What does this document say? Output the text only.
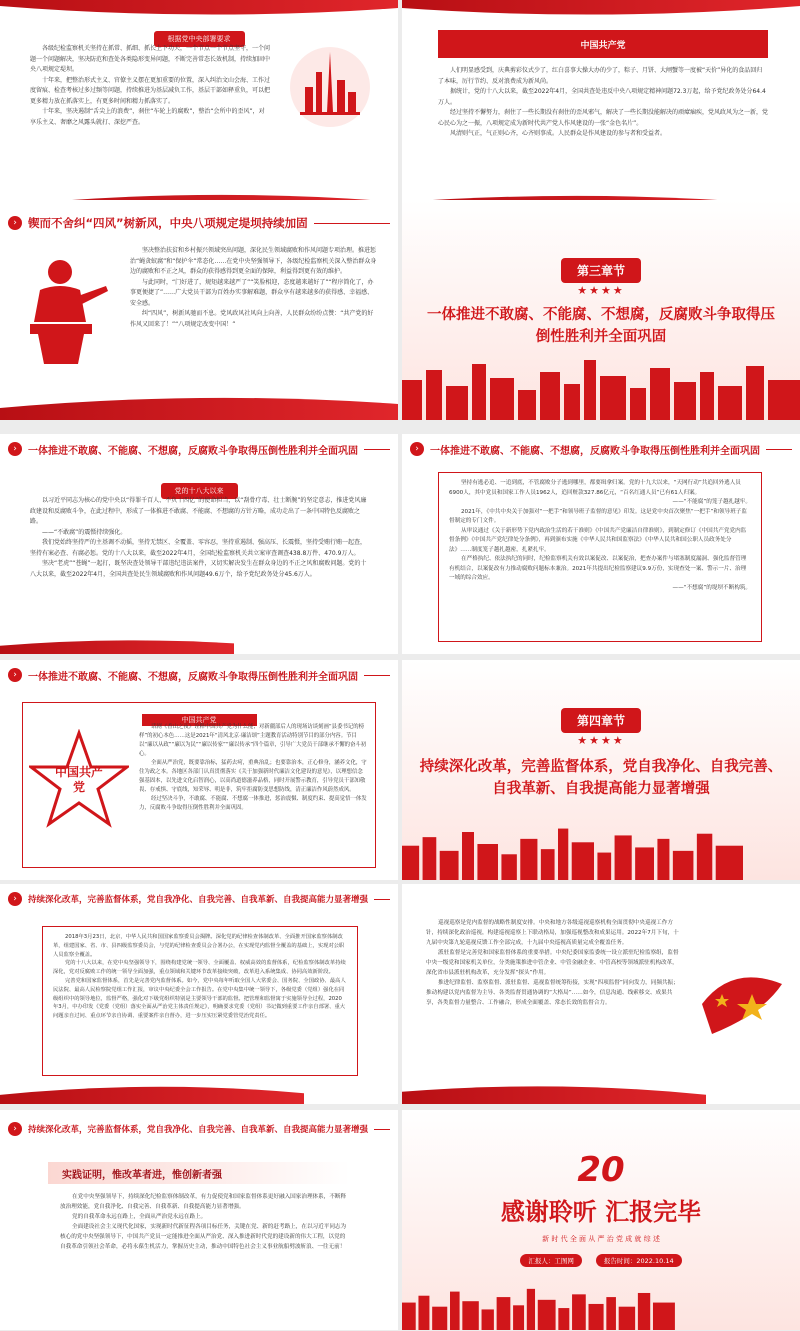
根据党中央部署要求

各级纪检监察机关坚持在抓常、抓细、抓长上下功夫，一个节点一个节点坚守，一个问题一个问题解决，坚决防范和查处各类隐形变异问题，不断完善常态长效机制，持续加固中央八项规定堤坝。

十年来，把整治形式主义、官僚主义摆在更加重要的位置，深入纠治文山会海、工作过度留痕、检查考核过多过频等问题，持续推进为基层减负工作，基层干部如释重负，可以把更多精力放在抓落实上，有更多时间和精力抓落实了。

十年来，坚决遏制“舌尖上的浪费”，刹住“车轮上的腐败”，整治“会所中的歪风”，对享乐主义、奢靡之风露头就打、深挖严查。

中国共产党

人们明显感受到，庆典剪彩仪式少了，红白喜事大操大办的少了，粽子、月饼、大闸蟹等一度被“天价”异化的食品回归了本味，厉行节约、反对浪费成为新风尚。

据统计，党的十八大以来，截至2022年4月，全国共查处违反中央八项规定精神问题72.3万起，给予党纪政务处分64.4万人。

经过坚持不懈努力，刹住了一些长期没有刹住的歪风邪气，解决了一些长期没能解决的顽瘴痼疾，党风政风为之一新，党心民心为之一振，八项规定成为新时代共产党人作风建设的一张“金色名片”。

风清则气正，气正则心齐，心齐则事成。人民群众是作风建设的参与者和受益者。

› 锲而不舍纠“四风”树新风，中央八项规定堤坝持续加固

坚决整治扶贫和乡村振兴领域突出问题，深化民生领域腐败和作风问题专项治理。推进惩治“蝇贪蚁腐”和“保护伞”常态化……在党中央坚强领导下，各级纪检监察机关深入整治群众身边的腐败和不正之风，群众的获得感得到更全面的保障，利益得到更有效的维护。

与此同时，“门好进了，规矩越来越严了”“笑脸相迎，态度越来越好了”“程序简化了，办事更便捷了”……广大党员干部为百姓办实事解难题，群众享有越来越多的获得感、幸福感、安全感。

纠“四风”，树新风驰而不息。党风政风社风向上向善，人民群众纷纷点赞：“共产党的好作风又回来了！”“八项规定改变中国！”

第三章节
★★★★
一体推进不敢腐、不能腐、不想腐，反腐败斗争取得压倒性胜利并全面巩固
›	一体推进不敢腐、不能腐、不想腐，反腐败斗争取得压倒性胜利并全面巩固
党的十八大以来

以习近平同志为核心的党中央以“得罪千百人、不负十四亿”的使命担当，以“刮骨疗毒、壮士断腕”的坚定意志，推进党风廉政建设和反腐败斗争，在此过程中，形成了一体推进不敢腐、不能腐、不想腐的方针方略，成功走出了一条中国特色反腐败之路。

——“不敢腐”的震慑持续强化。

我们党始终坚持严的主基调不动摇，坚持无禁区、全覆盖、零容忍，坚持重遏制、强高压、长震慑，坚持受贿行贿一起查，坚持有案必查、有腐必惩。党的十八大以来，截至2022年4月，全国纪检监察机关共立案审查调查438.8万件、470.9万人。

坚决“老虎”“苍蝇”一起打，既坚决查处领导干部违纪违法案件，又切实解决发生在群众身边的不正之风和腐败问题。党的十八大以来，截至2022年4月，全国共查处民生领域腐败和作风问题49.6万个，给予党纪政务处分45.6万人。

›	一体推进不敢腐、不能腐、不想腐，反腐败斗争取得压倒性胜利并全面巩固

坚持有逃必追、一追到底，不管腐败分子逃到哪里，都要缉拿归案。党的十九大以来，“天网行动”共追回外逃人员6900人，其中党员和国家工作人员1962人，追回赃款327.86亿元，“百名红通人员”已有61人归案。

——“不能腐”的笼子越扎越牢。

2021年，《中共中央关于加强对“一把手”和领导班子监督的意见》印发。这是党中央首次聚焦“一把手”和领导班子监督制定的专门文件。

从审议通过《关于新形势下党内政治生活的若干准则》《中国共产党廉洁自律准则》，到制定修订《中国共产党党内监督条例》《中国共产党纪律处分条例》，再到颁布实施《中华人民共和国监察法》《中华人民共和国公职人员政务处分法》……制度笼子越扎越密，扎紧扎牢。

在严格执纪、依法执纪的同时，纪检监察机关有效以案促改、以案促治，把查办案件与堵塞制度漏洞、强化监督管理有机结合，以案促改有力推动腐败问题标本兼治。2021年共提出纪检监察建议9.9万份，实现查处一案、警示一片、治理一域的综合效应。

——“不想腐”的堤坝不断构筑。

›	一体推进不敢腐、不能腐、不想腐，反腐败斗争取得压倒性胜利并全面巩固
中国共产党
中国共产党

话剧《香山之夜》诠释中国共产党为什么能；对新疆部后人的现场访谈刻画“县委书记的榜样”的初心本色……这是2021年“清风北京·廉洁颂”主题教育活动特别节目的部分内容。节目以“廉以从政”“廉以为民”“廉以传家”“廉以传承”四个篇章，引导广大党员干部继承不懈的奋斗初心。

全面从严治党，既要靠治标，猛药去疴，重典治乱；也要靠治本，正心修身，涵养文化，守住为政之本。各地区各部门认真贯彻落实《关于加强新时代廉洁文化建设的意见》，以理想信念强基固本，以先进文化启智润心，以高尚道德滋养品格，同时开展警示教育，引导党员干部知敬畏、存戒惧、守底线，知荣辱、明是非，筑牢拒腐防变思想防线，清正廉洁作风蔚然成风。

经过坚决斗争，不敢腐、不能腐、不想腐一体推进，惩治震慑、制度约束、提高觉悟一体发力，反腐败斗争取得压倒性胜利并全面巩固。

第四章节
★★★★
持续深化改革，完善监督体系，党自我净化、自我完善、自我革新、自我提高能力显著增强
›	持续深化改革，完善监督体系，党自我净化、自我完善、自我革新、自我提高能力显著增强

2018年3月23日，北京，中华人民共和国国家监察委员会揭牌。深化党的纪律检查体制改革、全面推开国家监察体制改革，组建国家、省、市、县四级监察委员会，与党的纪律检查委员会合署办公，在实现党内监督全覆盖的基础上，实现对公职人员监察全覆盖。

党的十八大以来，在党中央坚强领导下，围绕构建党统一领导、全面覆盖、权威高效的监督体系，纪检监察体制改革持续深化，党对反腐败工作的统一领导全面加强，重点领域和关键环节改革接续突破，改革进入系统集成、协同高效新阶段。

完善党和国家监督体系，首先是完善党内监督体系。如今，党中央每年听取全国人大常委会、国务院、全国政协、最高人民法院、最高人民检察院党组工作汇报，审议中央纪委全会工作报告。在党中央集中统一领导下，各级党委（党组）强化在同级组织中的领导地位，监督严格，强化对下级党组织特别是主要领导干部的监督。把管理和监督寓于实施领导全过程，2020年3月，中办印发《党委（党组）落实全面从严治党主体责任规定》，明确要求党委（党组）书记做到重要工作亲自部署、重大问题亲自过问、重点环节亲自协调、重要案件亲自督办，进一步压实压紧党委管党治党责任。

巡视巡察是党内监督的战略性制度安排。中央和地方各级巡视巡察机构全面贯彻中央巡视工作方针，持续深化政治巡视，构建巡视巡察上下联动格局，加强巡视整改和成果运用。2022年7月下旬，十九届中央第九轮巡视反馈工作全部完成，十九届中央巡视高质量完成全覆盖任务。

派驻监督是完善党和国家监督体系的重要举措。中央纪委国家监委统一设立派驻纪检监察组，监督中央一级党和国家机关单位，分类施策推进中管企业、中管金融企业、中管高校等领域派驻机构改革，深化省市县派驻机构改革，充分发挥“探头”作用。

推进纪律监督、监察监督、派驻监督、巡视监督统筹衔接，实现“四项监督”同向发力，同频共振；推动构建以党内监督为主导、各类监督贯通协调的“大格局”……如今，信息沟通、线索移交、成果共享，各类监督力量整合、工作融合，形成全面覆盖、常态长效的监督合力。

›	持续深化改革，完善监督体系，党自我净化、自我完善、自我革新、自我提高能力显著增强
实践证明，惟改革者进，惟创新者强

在党中央坚强领导下，持续深化纪检监察体制改革，有力促使党和国家监督体系更好融入国家治理体系，不断释放治理效能，党自我净化、自我完善、自我革新、自我提高能力显著增强。

党的自我革命永远在路上，全面从严治党永远在路上。

全面建设社会主义现代化国家，实现新时代新征程各项目标任务，关键在党、新的赶考路上，在以习近平同志为核心的党中央坚强领导下，中国共产党员一定能推进全面从严治党、深入推进新时代党的建设新的伟大工程，以党的自我革命引领社会革命，必将永葆生机活力，掌握历史主动，推动中国特色社会主义事业航船劈波斩浪、一往无前！

20
感谢聆听 汇报完毕
新 时 代 全 面 从 严 治 党 成 就 综 述
汇报人：工图网	报告时间：2022.10.14
